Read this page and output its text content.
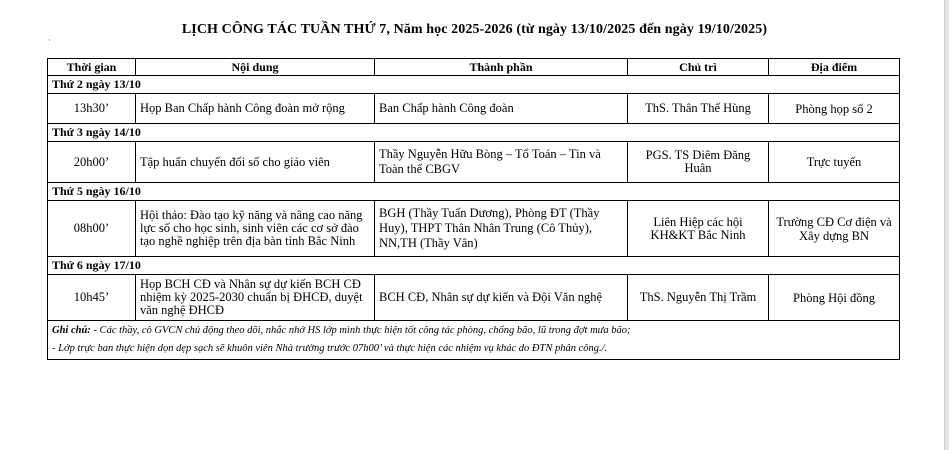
LỊCH CÔNG TÁC TUẦN THỨ 7, Năm học 2025-2026 (từ ngày 13/10/2025 đến ngày 19/10/2025)
`
Thời gian	Nội dung	Thành phần	Chủ trì	Địa điểm
Thứ 2 ngày 13/10				
13h30’	Họp Ban Chấp hành Công đoàn mở rộng	Ban Chấp hành Công đoàn	ThS. Thân Thế Hùng	Phòng họp số 2
Thứ 3 ngày 14/10				
20h00’	Tập huấn chuyển đổi số cho giáo viên	Thầy Nguyễn Hữu Bòng – Tổ Toán – Tin và Toàn thể CBGV	PGS. TS Diêm Đăng Huân	Trực tuyến
Thứ 5 ngày 16/10				
08h00’	Hội thảo: Đào tạo kỹ năng và nâng cao năng lực số cho học sinh, sinh viên các cơ sở đào tạo nghề nghiệp trên địa bàn tỉnh Bắc Ninh	BGH (Thầy Tuấn Dương), Phòng ĐT (Thầy Huy), THPT Thân Nhân Trung (Cô Thủy), NN,TH (Thầy Vân)	Liên Hiệp các hội KH&KT Bắc Ninh	Trường CĐ Cơ điện và Xây dựng BN
Thứ 6 ngày 17/10				
10h45’	Họp BCH CĐ và Nhân sự dự kiến BCH CĐ nhiệm kỳ 2025-2030 chuẩn bị ĐHCĐ, duyệt văn nghệ ĐHCĐ	BCH CĐ, Nhân sự dự kiến và Đội Văn nghệ	ThS. Nguyễn Thị Trầm	Phòng Hội đồng

Ghi chú: - Các thầy, cô GVCN chủ động theo dõi, nhắc nhở HS lớp mình thực hiện tốt công tác phòng, chống bão, lũ trong đợt mưa bão;
- Lớp trực ban thực hiện dọn dẹp sạch sẽ khuôn viên Nhà trường trước 07h00’ và thực hiện các nhiệm vụ khác do ĐTN phân công./.				
